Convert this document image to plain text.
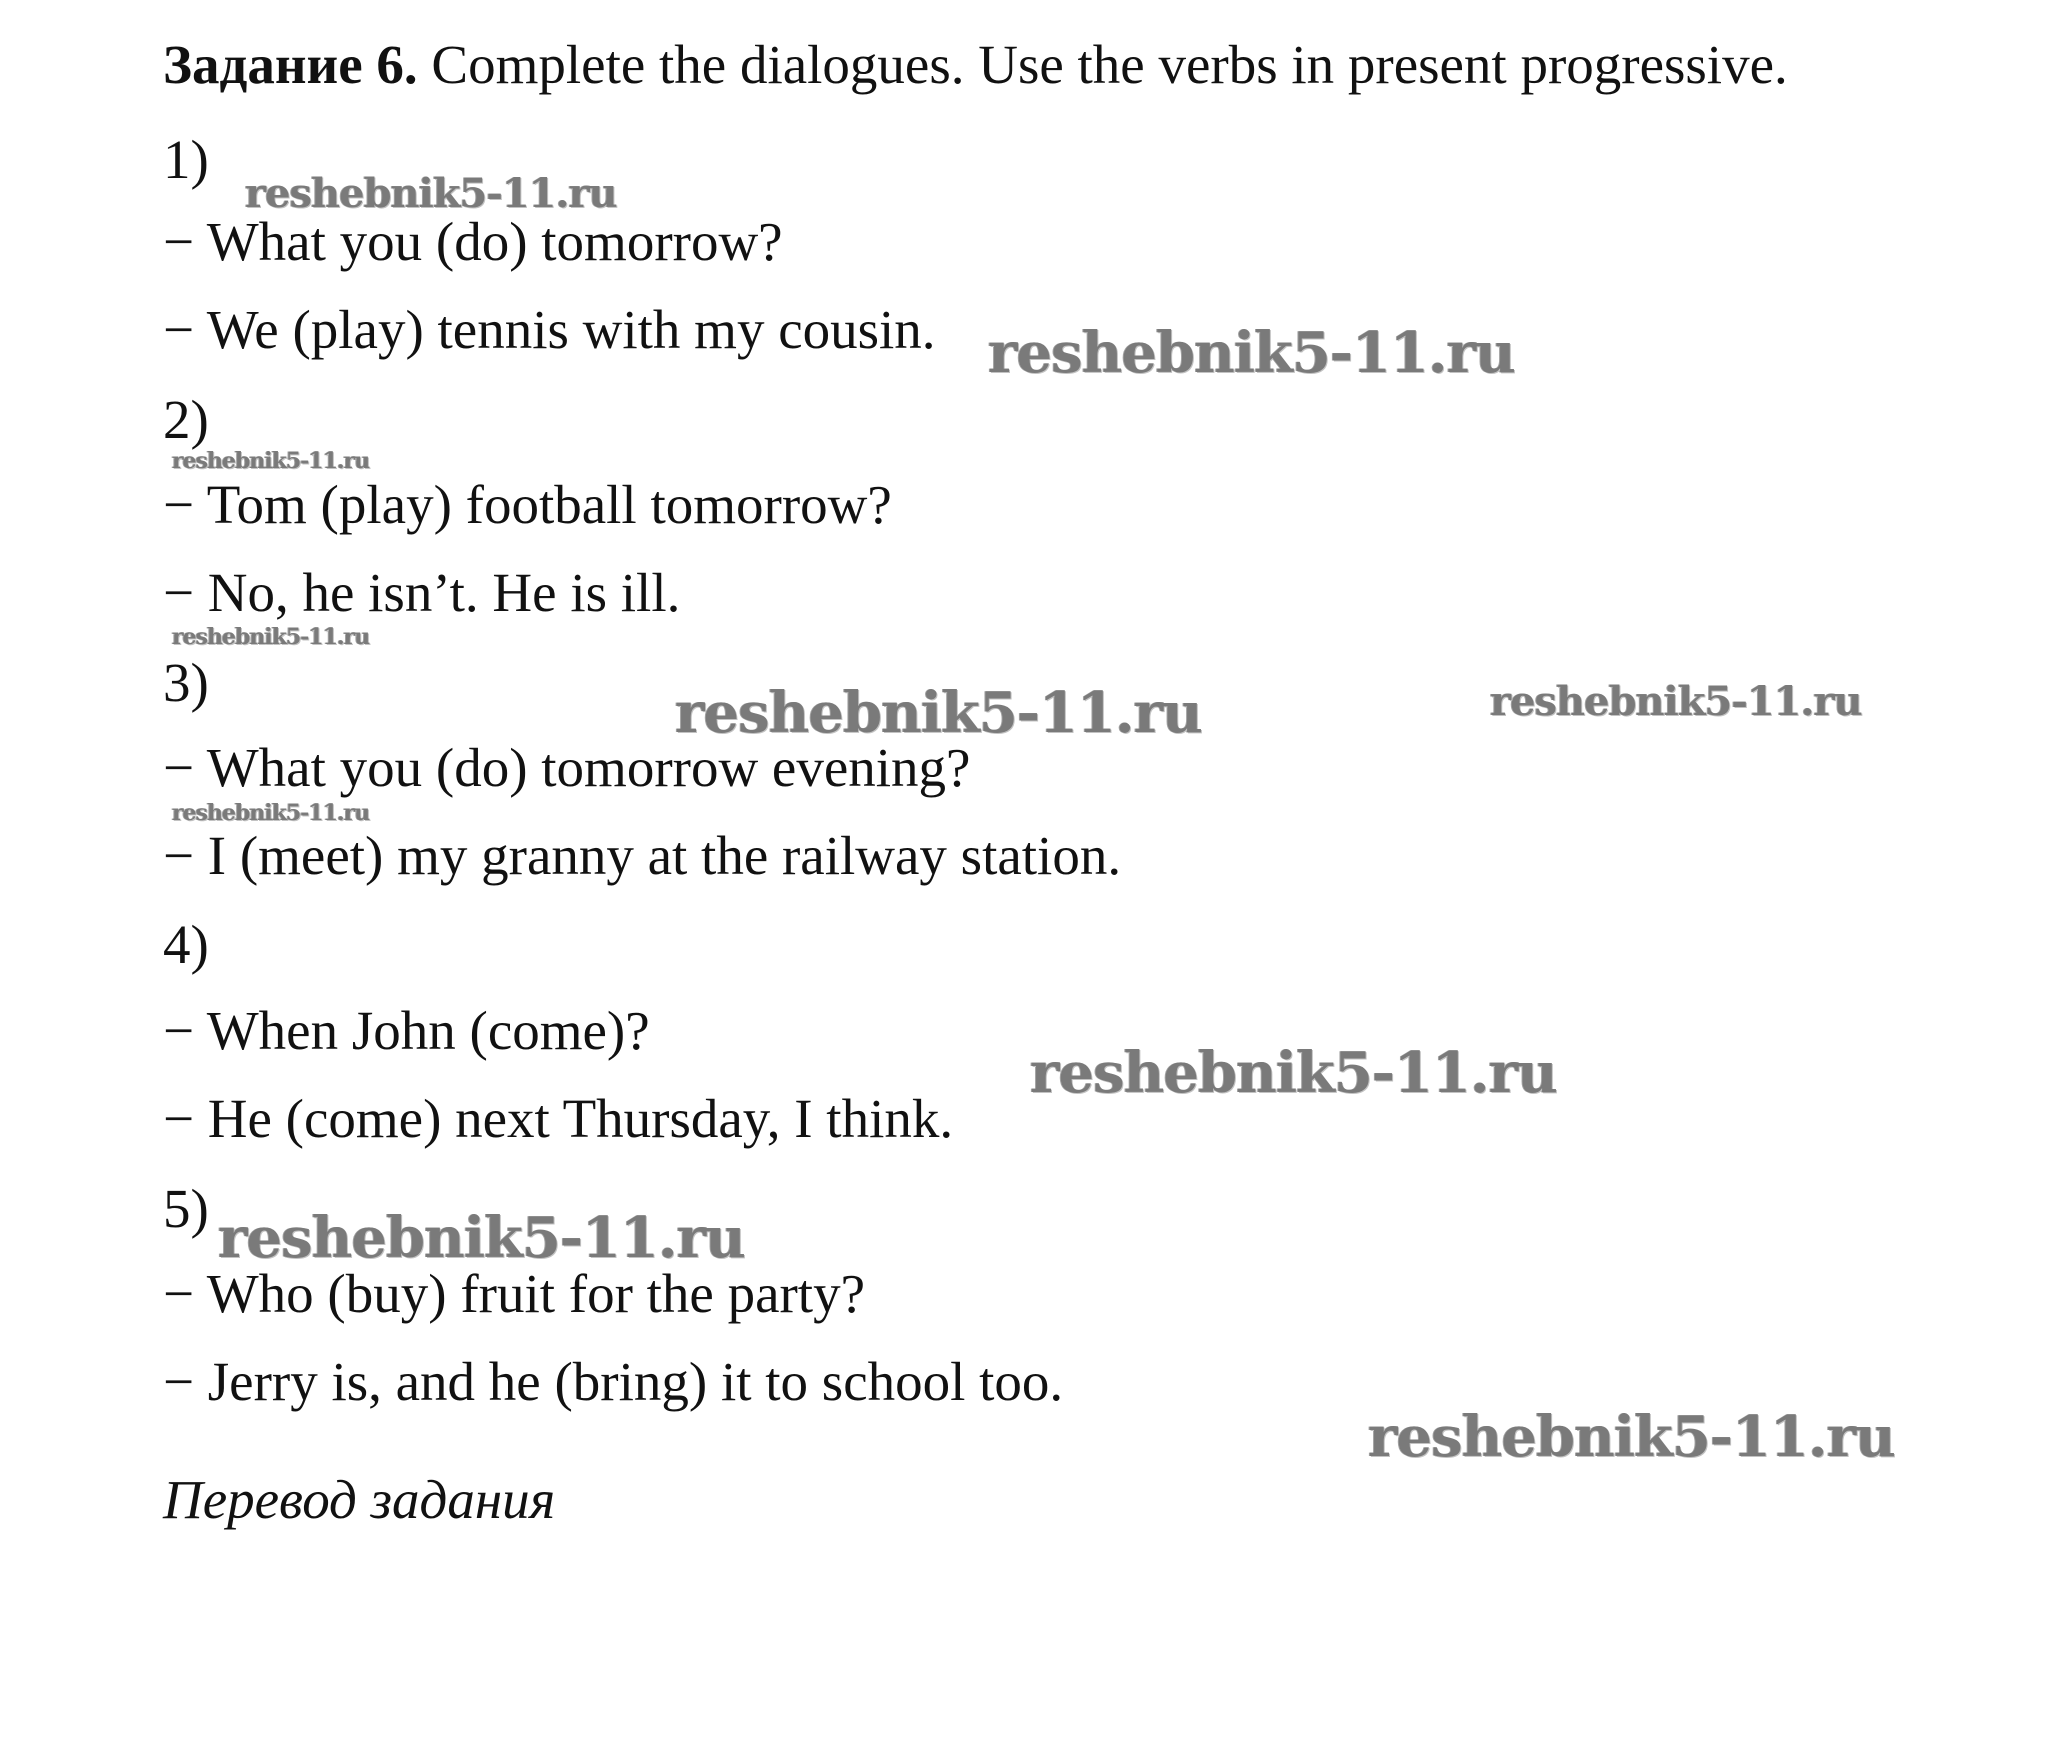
Задание 6. Complete the dialogues. Use the verbs in present progressive.
1)
− What you (do) tomorrow?
− We (play) tennis with my cousin.
2)
− Tom (play) football tomorrow?
− No, he isn’t. He is ill.
3)
− What you (do) tomorrow evening?
− I (meet) my granny at the railway station.
4)
− When John (come)?
− He (come) next Thursday, I think.
5)
− Who (buy) fruit for the party?
− Jerry is, and he (bring) it to school too.
Перевод задания
reshebnik5-11.ru
reshebnik5-11.ru
reshebnik5-11.ru
reshebnik5-11.ru
reshebnik5-11.ru	reshebnik5-11.ru
reshebnik5-11.ru
reshebnik5-11.ru
reshebnik5-11.ru
reshebnik5-11.ru
